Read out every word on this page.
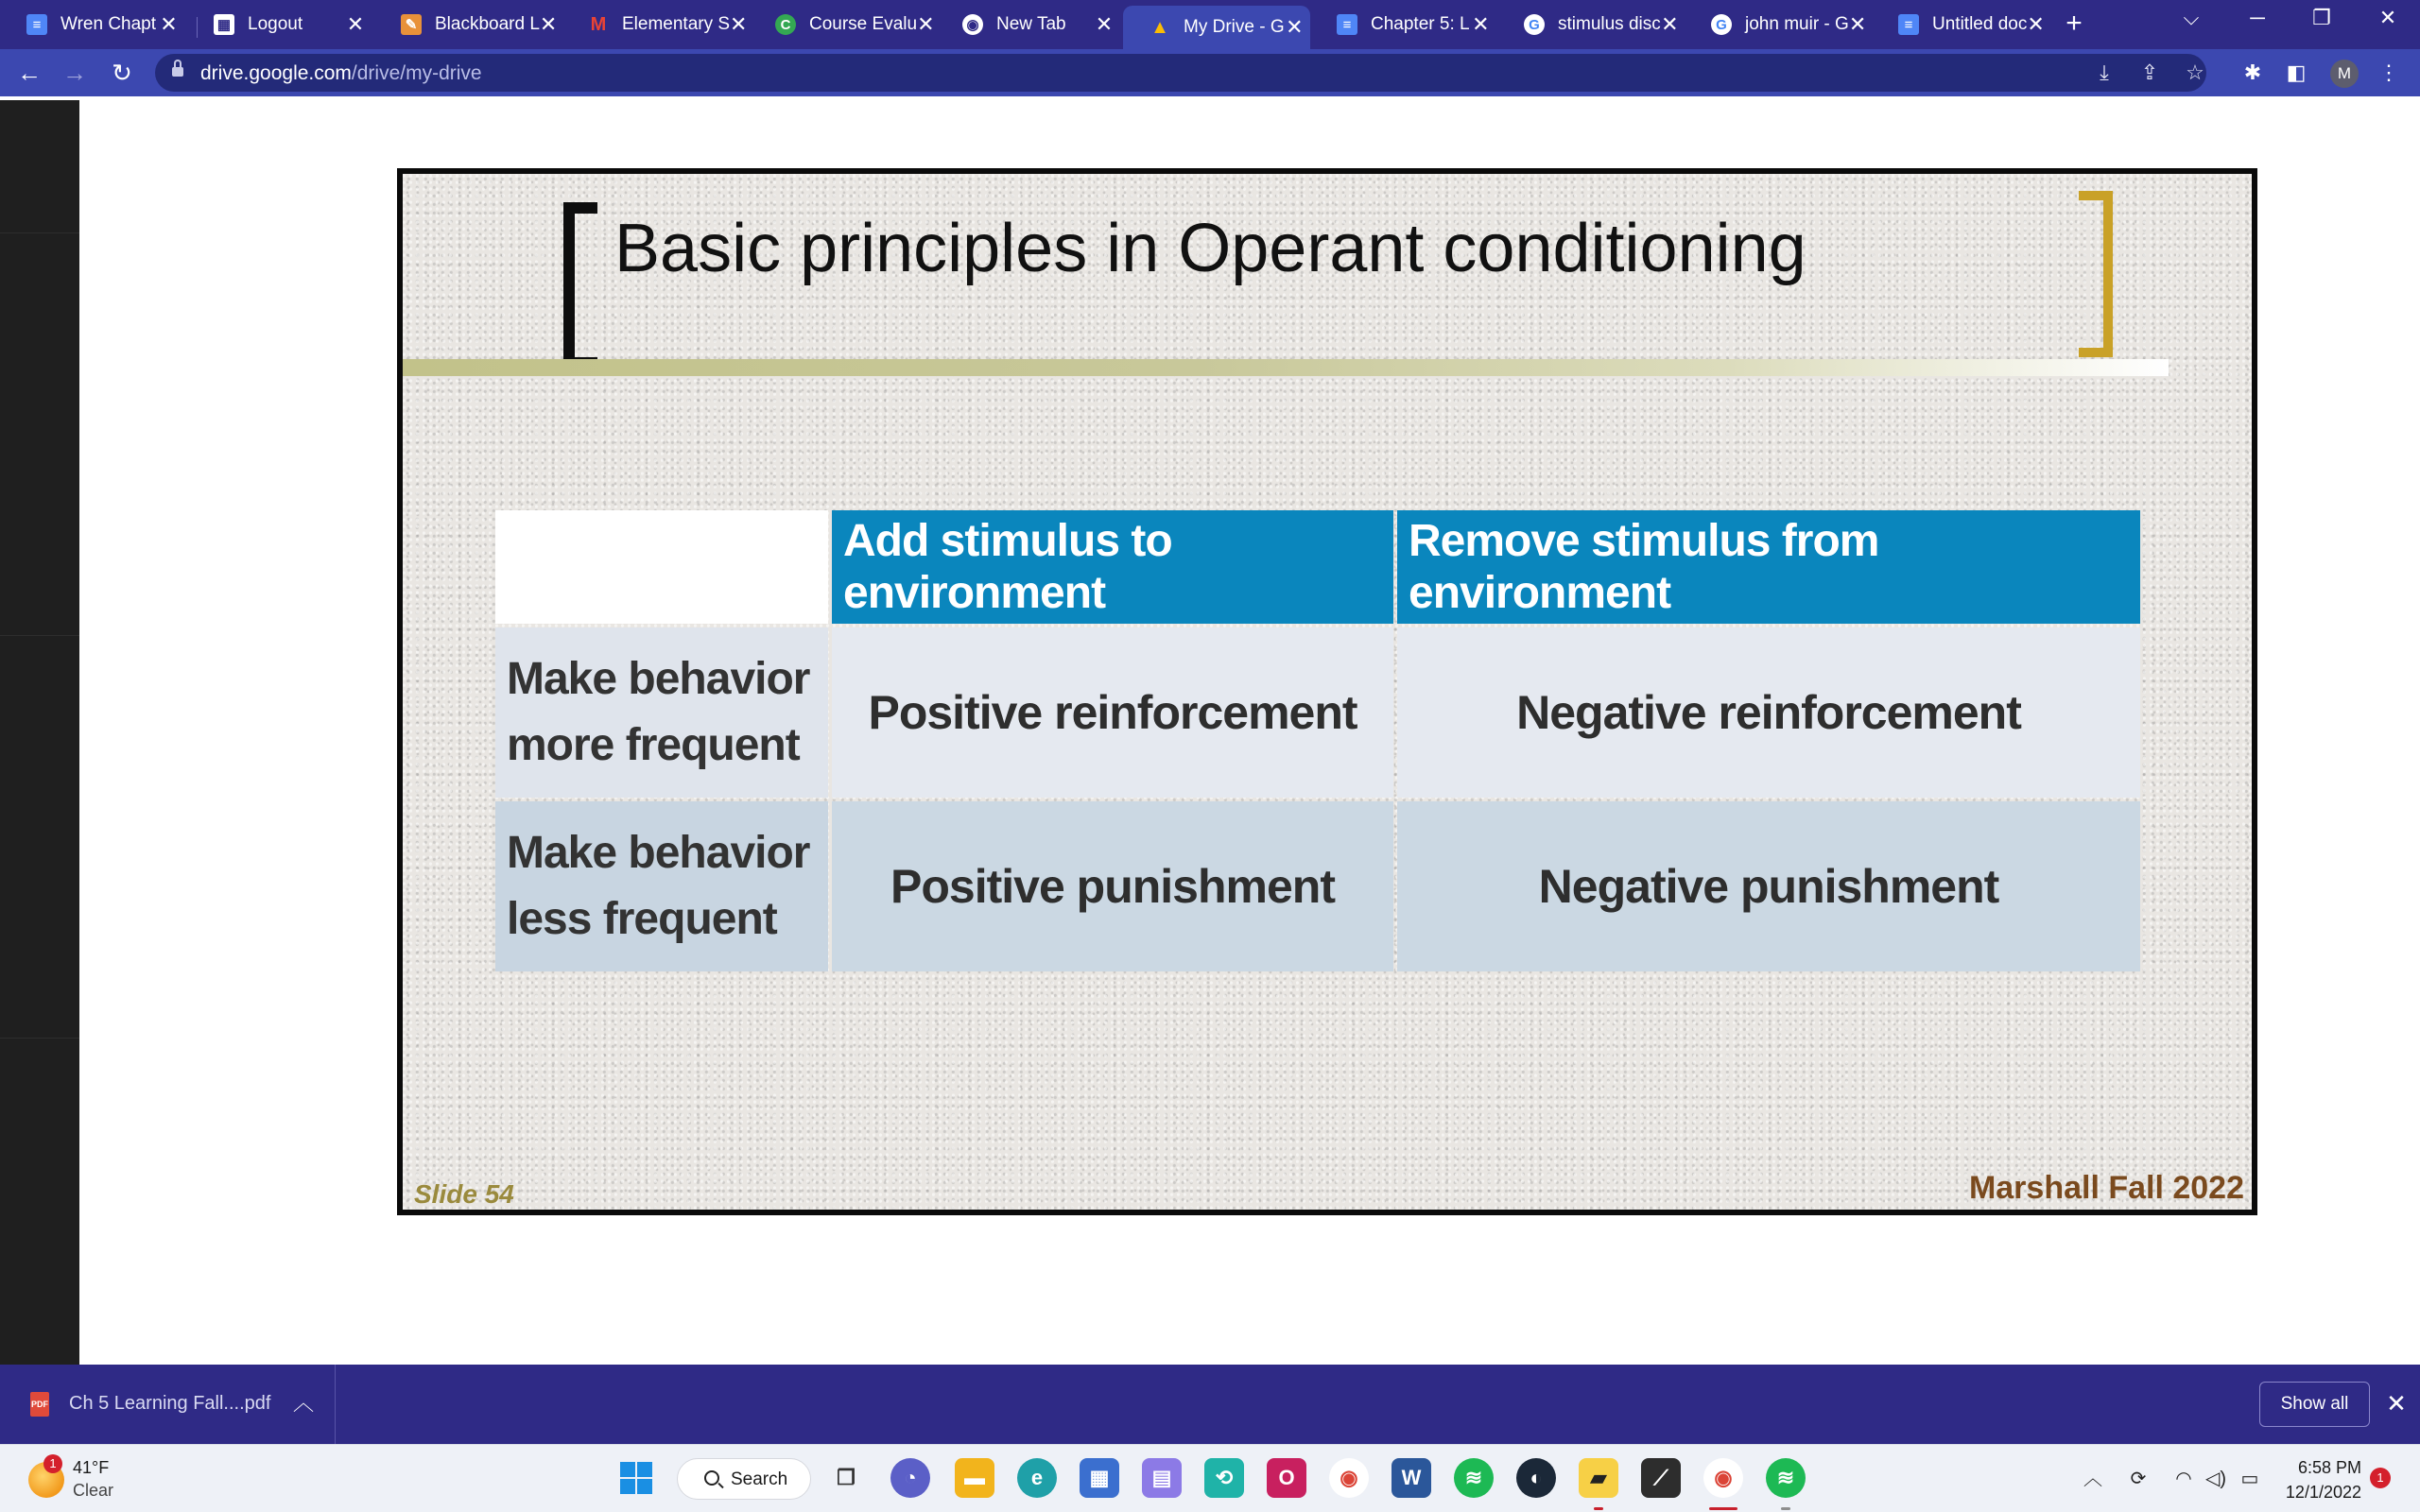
≡	Wren Chapt ✕	▦ Logout	✕	✎ Blackboard L ✕ M Elementary S ✕	C Course Evalu ✕ ◉ New Tab	✕ ▲ My Drive - G ✕	≡	Chapter 5: L ✕	G stimulus disc ✕	G john muir - G ✕	≡	Untitled doc ✕ +	⌵	─	❐	✕
← → ↻	drive.google.com/drive/my-drive	⤓	⇪ ☆ ✱ ◧	M	⋮
Basic principles in Operant conditioning
	Add stimulus to environment	Remove stimulus from environment
Make behavior more frequent	Positive reinforcement	Negative reinforcement
Make behavior less frequent	Positive punishment	Negative punishment
Slide 54	Marshall Fall 2022
PDF Ch 5 Learning Fall....pdf ︿	Show all	✕
1 41°F
Clear
Search	❐	◔	▬	e	▦	▤	⟲	O	◉	W	≋	◐	▰	⟋	◉	≋	︿ ⟳ ◠ ◁) ▭
6:58 PM
12/1/2022
1
